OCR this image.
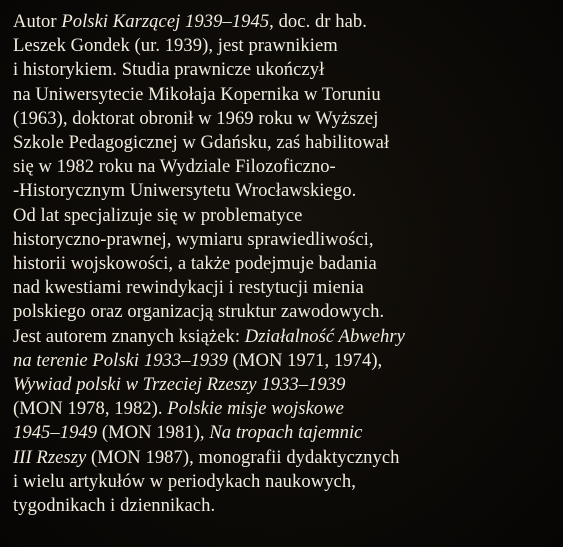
Autor Polski Karzącej 1939–1945, doc. dr hab.
Leszek Gondek (ur. 1939), jest prawnikiem
i historykiem. Studia prawnicze ukończył
na Uniwersytecie Mikołaja Kopernika w Toruniu
(1963), doktorat obronił w 1969 roku w Wyższej
Szkole Pedagogicznej w Gdańsku, zaś habilitował
się w 1982 roku na Wydziale Filozoficzno-
-Historycznym Uniwersytetu Wrocławskiego.
Od lat specjalizuje się w problematyce
historyczno-prawnej, wymiaru sprawiedliwości,
historii wojskowości, a także podejmuje badania
nad kwestiami rewindykacji i restytucji mienia
polskiego oraz organizacją struktur zawodowych.
Jest autorem znanych książek: Działalność Abwehry
na terenie Polski 1933–1939 (MON 1971, 1974),
Wywiad polski w Trzeciej Rzeszy 1933–1939
(MON 1978, 1982). Polskie misje wojskowe
1945–1949 (MON 1981), Na tropach tajemnic
III Rzeszy (MON 1987), monografii dydaktycznych
i wielu artykułów w periodykach naukowych,
tygodnikach i dziennikach.
